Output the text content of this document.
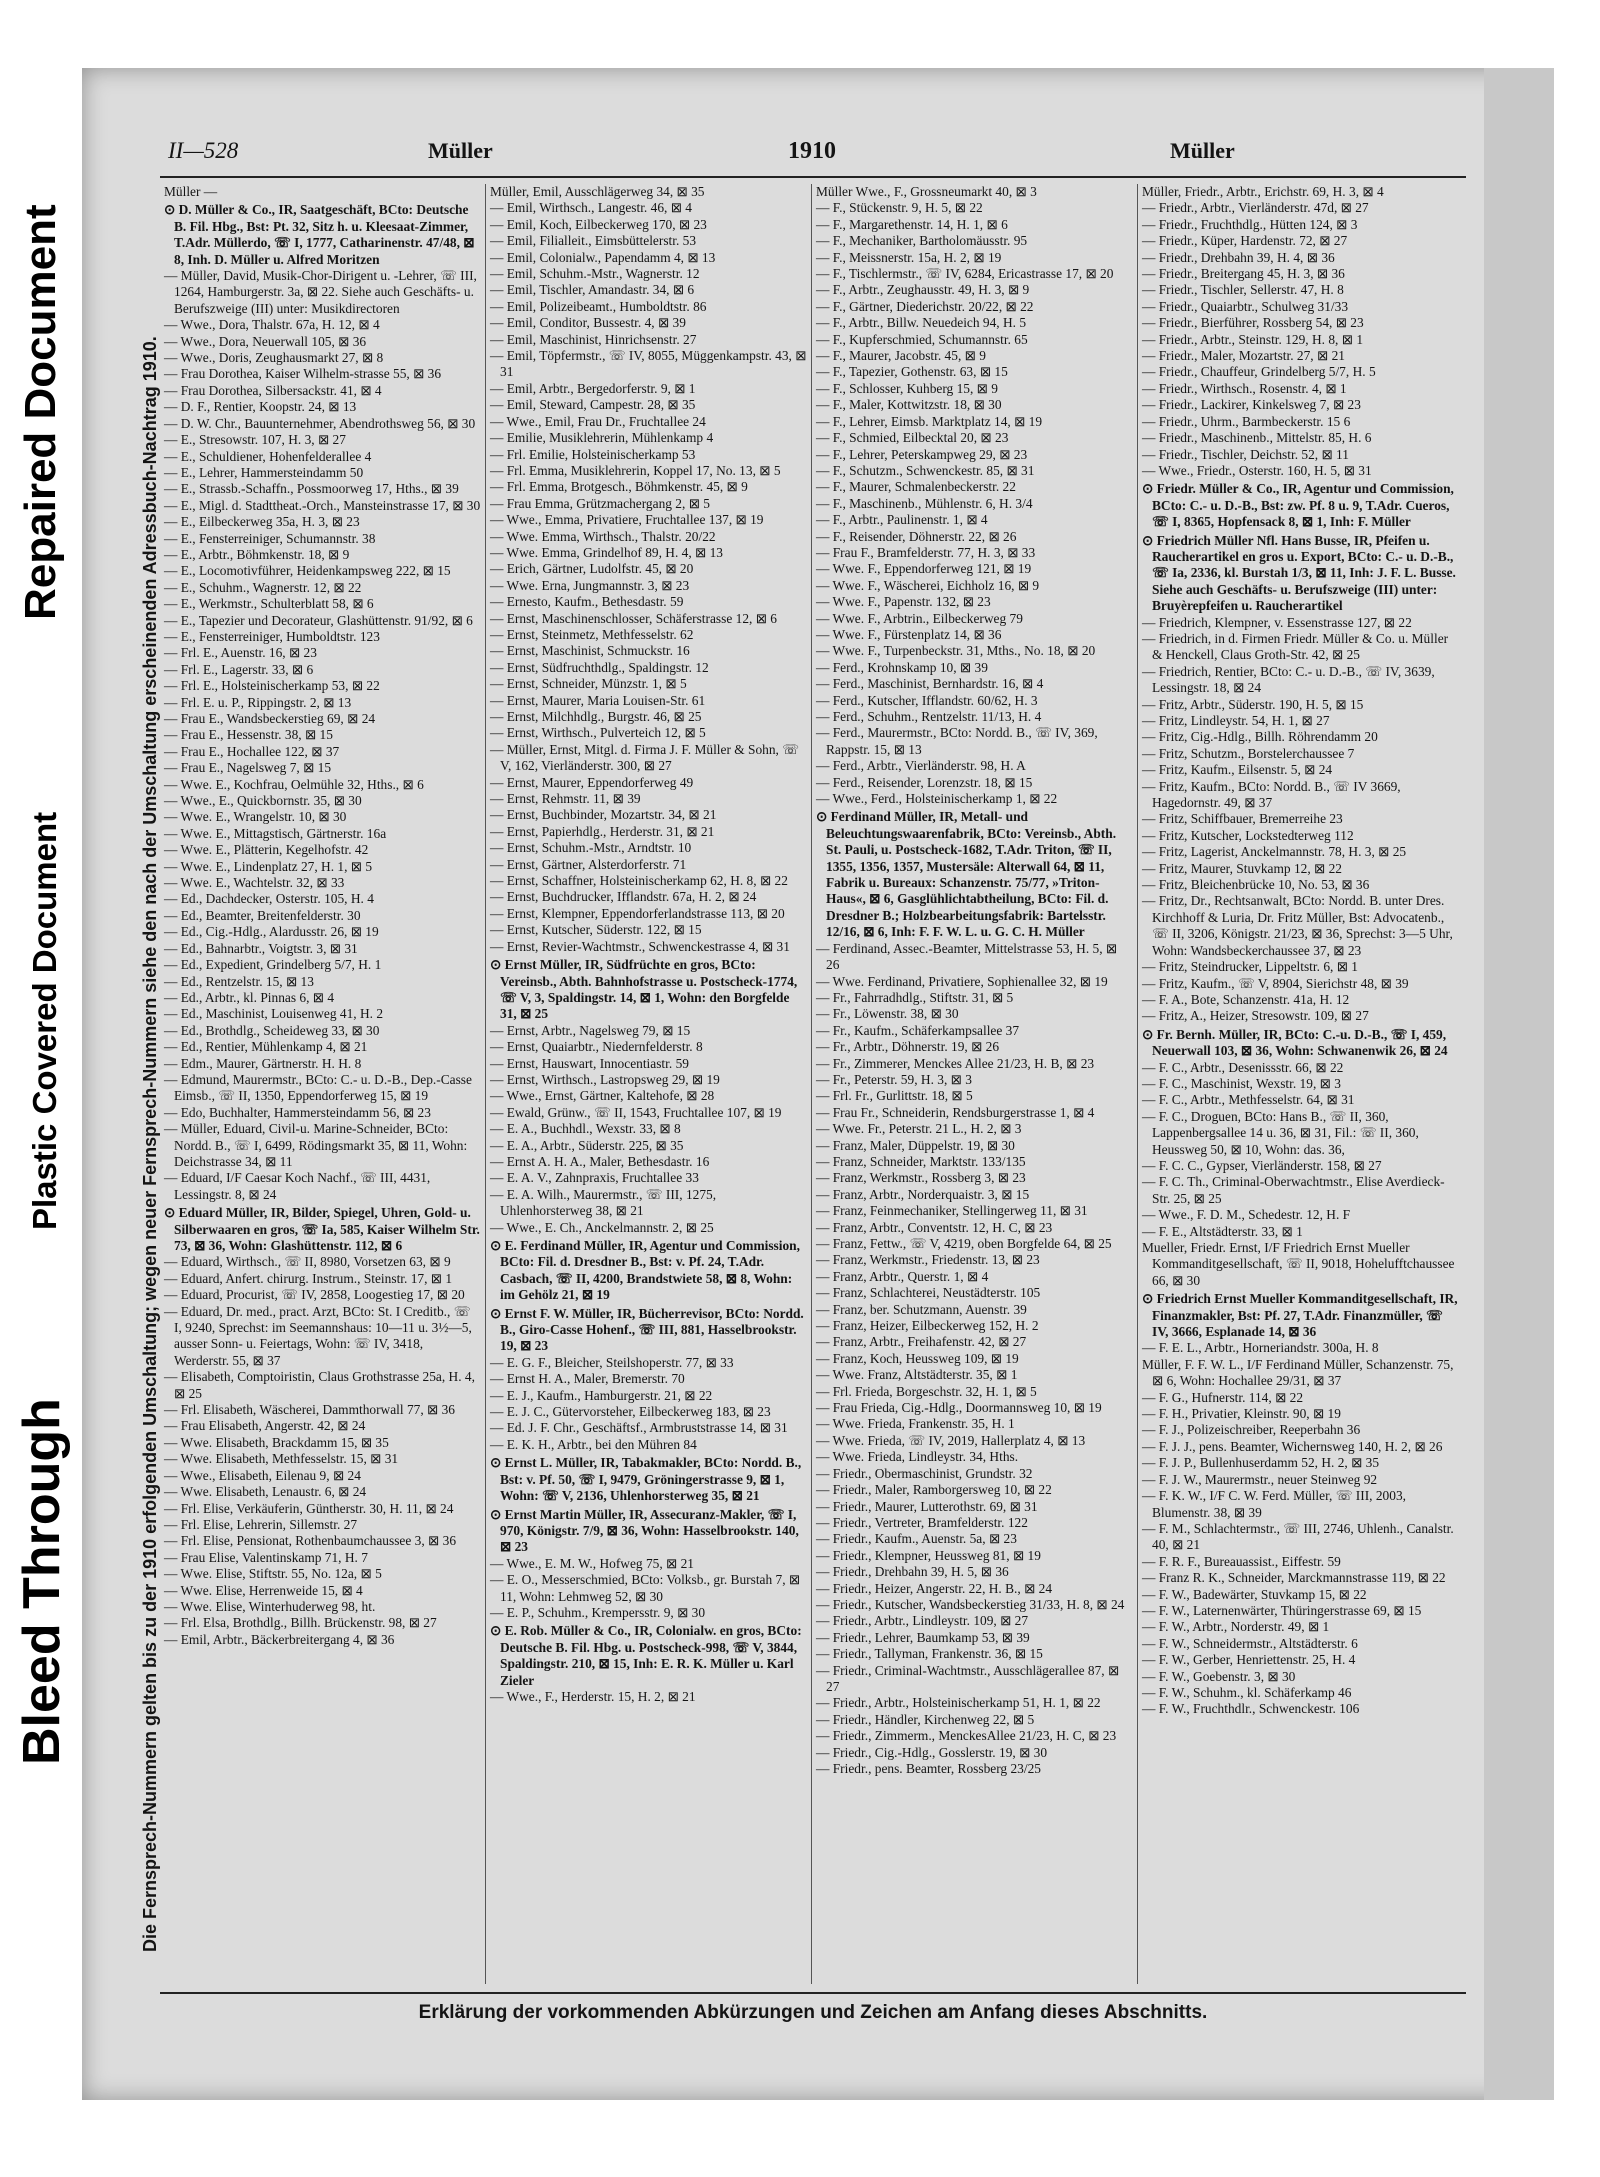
Bleed Through
Plastic Covered Document
Repaired Document	Die Fernsprech-Nummern gelten bis zu der 1910 erfolgenden Umschaltung; wegen neuer Fernsprech-Nummern siehe den nach der Umschaltung erscheinenden Adressbuch-Nachtrag 1910.
II—528	Müller	1910	Müller

Müller —

⊙ D. Müller & Co., IR, Saatgeschäft, BCto: Deutsche B. Fil. Hbg., Bst: Pt. 32, Sitz h. u. Kleesaat-Zimmer, T.Adr. Müllerdo, ☏ I, 1777, Catharinenstr. 47/48, ⊠ 8, Inh. D. Müller u. Alfred Moritzen

— Müller, David, Musik-Chor-Dirigent u. -Lehrer, ☏ III, 1264, Hamburgerstr. 3a, ⊠ 22. Siehe auch Geschäfts- u. Berufszweige (III) unter: Musikdirectoren

— Wwe., Dora, Thalstr. 67a, H. 12, ⊠ 4

— Wwe., Dora, Neuerwall 105, ⊠ 36

— Wwe., Doris, Zeughausmarkt 27, ⊠ 8

— Frau Dorothea, Kaiser Wilhelm-strasse 55, ⊠ 36

— Frau Dorothea, Silbersackstr. 41, ⊠ 4

— D. F., Rentier, Koopstr. 24, ⊠ 13

— D. W. Chr., Bauunternehmer, Abendrothsweg 56, ⊠ 30

— E., Stresowstr. 107, H. 3, ⊠ 27

— E., Schuldiener, Hohenfelderallee 4

— E., Lehrer, Hammersteindamm 50

— E., Strassb.-Schaffn., Possmoorweg 17, Hths., ⊠ 39

— E., Migl. d. Stadttheat.-Orch., Mansteinstrasse 17, ⊠ 30

— E., Eilbeckerweg 35a, H. 3, ⊠ 23

— E., Fensterreiniger, Schumannstr. 38

— E., Arbtr., Böhmkenstr. 18, ⊠ 9

— E., Locomotivführer, Heidenkampsweg 222, ⊠ 15

— E., Schuhm., Wagnerstr. 12, ⊠ 22

— E., Werkmstr., Schulterblatt 58, ⊠ 6

— E., Tapezier und Decorateur, Glashüttenstr. 91/92, ⊠ 6

— E., Fensterreiniger, Humboldtstr. 123

— Frl. E., Auenstr. 16, ⊠ 23

— Frl. E., Lagerstr. 33, ⊠ 6

— Frl. E., Holsteinischerkamp 53, ⊠ 22

— Frl. E. u. P., Rippingstr. 2, ⊠ 13

— Frau E., Wandsbeckerstieg 69, ⊠ 24

— Frau E., Hessenstr. 38, ⊠ 15

— Frau E., Hochallee 122, ⊠ 37

— Frau E., Nagelsweg 7, ⊠ 15

— Wwe. E., Kochfrau, Oelmühle 32, Hths., ⊠ 6

— Wwe., E., Quickbornstr. 35, ⊠ 30

— Wwe. E., Wrangelstr. 10, ⊠ 30

— Wwe. E., Mittagstisch, Gärtnerstr. 16a

— Wwe. E., Plätterin, Kegelhofstr. 42

— Wwe. E., Lindenplatz 27, H. 1, ⊠ 5

— Wwe. E., Wachtelstr. 32, ⊠ 33

— Ed., Dachdecker, Osterstr. 105, H. 4

— Ed., Beamter, Breitenfelderstr. 30

— Ed., Cig.-Hdlg., Alardusstr. 26, ⊠ 19

— Ed., Bahnarbtr., Voigtstr. 3, ⊠ 31

— Ed., Expedient, Grindelberg 5/7, H. 1

— Ed., Rentzelstr. 15, ⊠ 13

— Ed., Arbtr., kl. Pinnas 6, ⊠ 4

— Ed., Maschinist, Louisenweg 41, H. 2

— Ed., Brothdlg., Scheideweg 33, ⊠ 30

— Ed., Rentier, Mühlenkamp 4, ⊠ 21

— Edm., Maurer, Gärtnerstr. H. H. 8

— Edmund, Maurermstr., BCto: C.- u. D.-B., Dep.-Casse Eimsb., ☏ II, 1350, Eppendorferweg 15, ⊠ 19

— Edo, Buchhalter, Hammersteindamm 56, ⊠ 23

— Müller, Eduard, Civil-u. Marine-Schneider, BCto: Nordd. B., ☏ I, 6499, Rödingsmarkt 35, ⊠ 11, Wohn: Deichstrasse 34, ⊠ 11

— Eduard, I/F Caesar Koch Nachf., ☏ III, 4431, Lessingstr. 8, ⊠ 24

⊙ Eduard Müller, IR, Bilder, Spiegel, Uhren, Gold- u. Silberwaaren en gros, ☏ Ia, 585, Kaiser Wilhelm Str. 73, ⊠ 36, Wohn: Glashüttenstr. 112, ⊠ 6

— Eduard, Wirthsch., ☏ II, 8980, Vorsetzen 63, ⊠ 9

— Eduard, Anfert. chirurg. Instrum., Steinstr. 17, ⊠ 1

— Eduard, Procurist, ☏ IV, 2858, Loogestieg 17, ⊠ 20

— Eduard, Dr. med., pract. Arzt, BCto: St. I Creditb., ☏ I, 9240, Sprechst: im Seemannshaus: 10—11 u. 3½—5, ausser Sonn- u. Feiertags, Wohn: ☏ IV, 3418, Werderstr. 55, ⊠ 37

— Elisabeth, Comptoiristin, Claus Grothstrasse 25a, H. 4, ⊠ 25

— Frl. Elisabeth, Wäscherei, Dammthorwall 77, ⊠ 36

— Frau Elisabeth, Angerstr. 42, ⊠ 24

— Wwe. Elisabeth, Brackdamm 15, ⊠ 35

— Wwe. Elisabeth, Methfesselstr. 15, ⊠ 31

— Wwe., Elisabeth, Eilenau 9, ⊠ 24

— Wwe. Elisabeth, Lenaustr. 6, ⊠ 24

— Frl. Elise, Verkäuferin, Güntherstr. 30, H. 11, ⊠ 24

— Frl. Elise, Lehrerin, Sillemstr. 27

— Frl. Elise, Pensionat, Rothenbaumchaussee 3, ⊠ 36

— Frau Elise, Valentinskamp 71, H. 7

— Wwe. Elise, Stiftstr. 55, No. 12a, ⊠ 5

— Wwe. Elise, Herrenweide 15, ⊠ 4

— Wwe. Elise, Winterhuderweg 98, ht.

— Frl. Elsa, Brothdlg., Billh. Brückenstr. 98, ⊠ 27

— Emil, Arbtr., Bäckerbreitergang 4, ⊠ 36

Müller, Emil, Ausschlägerweg 34, ⊠ 35

— Emil, Wirthsch., Langestr. 46, ⊠ 4

— Emil, Koch, Eilbeckerweg 170, ⊠ 23

— Emil, Filialleit., Eimsbüttelerstr. 53

— Emil, Colonialw., Papendamm 4, ⊠ 13

— Emil, Schuhm.-Mstr., Wagnerstr. 12

— Emil, Tischler, Amandastr. 34, ⊠ 6

— Emil, Polizeibeamt., Humboldtstr. 86

— Emil, Conditor, Bussestr. 4, ⊠ 39

— Emil, Maschinist, Hinrichsenstr. 27

— Emil, Töpfermstr., ☏ IV, 8055, Müggenkampstr. 43, ⊠ 31

— Emil, Arbtr., Bergedorferstr. 9, ⊠ 1

— Emil, Steward, Campestr. 28, ⊠ 35

— Wwe., Emil, Frau Dr., Fruchtallee 24

— Emilie, Musiklehrerin, Mühlenkamp 4

— Frl. Emilie, Holsteinischerkamp 53

— Frl. Emma, Musiklehrerin, Koppel 17, No. 13, ⊠ 5

— Frl. Emma, Brotgesch., Böhmkenstr. 45, ⊠ 9

— Frau Emma, Grützmachergang 2, ⊠ 5

— Wwe., Emma, Privatiere, Fruchtallee 137, ⊠ 19

— Wwe. Emma, Wirthsch., Thalstr. 20/22

— Wwe. Emma, Grindelhof 89, H. 4, ⊠ 13

— Erich, Gärtner, Ludolfstr. 45, ⊠ 20

— Wwe. Erna, Jungmannstr. 3, ⊠ 23

— Ernesto, Kaufm., Bethesdastr. 59

— Ernst, Maschinenschlosser, Schäferstrasse 12, ⊠ 6

— Ernst, Steinmetz, Methfesselstr. 62

— Ernst, Maschinist, Schmuckstr. 16

— Ernst, Südfruchthdlg., Spaldingstr. 12

— Ernst, Schneider, Münzstr. 1, ⊠ 5

— Ernst, Maurer, Maria Louisen-Str. 61

— Ernst, Milchhdlg., Burgstr. 46, ⊠ 25

— Ernst, Wirthsch., Pulverteich 12, ⊠ 5

— Müller, Ernst, Mitgl. d. Firma J. F. Müller & Sohn, ☏ V, 162, Vierländerstr. 300, ⊠ 27

— Ernst, Maurer, Eppendorferweg 49

— Ernst, Rehmstr. 11, ⊠ 39

— Ernst, Buchbinder, Mozartstr. 34, ⊠ 21

— Ernst, Papierhdlg., Herderstr. 31, ⊠ 21

— Ernst, Schuhm.-Mstr., Arndtstr. 10

— Ernst, Gärtner, Alsterdorferstr. 71

— Ernst, Schaffner, Holsteinischerkamp 62, H. 8, ⊠ 22

— Ernst, Buchdrucker, Ifflandstr. 67a, H. 2, ⊠ 24

— Ernst, Klempner, Eppendorferlandstrasse 113, ⊠ 20

— Ernst, Kutscher, Süderstr. 122, ⊠ 15

— Ernst, Revier-Wachtmstr., Schwenckestrasse 4, ⊠ 31

⊙ Ernst Müller, IR, Südfrüchte en gros, BCto: Vereinsb., Abth. Bahnhofstrasse u. Postscheck-1774, ☏ V, 3, Spaldingstr. 14, ⊠ 1, Wohn: den Borgfelde 31, ⊠ 25

— Ernst, Arbtr., Nagelsweg 79, ⊠ 15

— Ernst, Quaiarbtr., Niedernfelderstr. 8

— Ernst, Hauswart, Innocentiastr. 59

— Ernst, Wirthsch., Lastropsweg 29, ⊠ 19

— Wwe., Ernst, Gärtner, Kaltehofe, ⊠ 28

— Ewald, Grünw., ☏ II, 1543, Fruchtallee 107, ⊠ 19

— E. A., Buchhdl., Wexstr. 33, ⊠ 8

— E. A., Arbtr., Süderstr. 225, ⊠ 35

— Ernst A. H. A., Maler, Bethesdastr. 16

— E. A. V., Zahnpraxis, Fruchtallee 33

— E. A. Wilh., Maurermstr., ☏ III, 1275, Uhlenhorsterweg 38, ⊠ 21

— Wwe., E. Ch., Anckelmannstr. 2, ⊠ 25

⊙ E. Ferdinand Müller, IR, Agentur und Commission, BCto: Fil. d. Dresdner B., Bst: v. Pf. 24, T.Adr. Casbach, ☏ II, 4200, Brandstwiete 58, ⊠ 8, Wohn: im Gehölz 21, ⊠ 19

⊙ Ernst F. W. Müller, IR, Bücherrevisor, BCto: Nordd. B., Giro-Casse Hohenf., ☏ III, 881, Hasselbrookstr. 19, ⊠ 23

— E. G. F., Bleicher, Steilshoperstr. 77, ⊠ 33

— Ernst H. A., Maler, Bremerstr. 70

— E. J., Kaufm., Hamburgerstr. 21, ⊠ 22

— E. J. C., Gütervorsteher, Eilbeckerweg 183, ⊠ 23

— Ed. J. F. Chr., Geschäftsf., Armbruststrasse 14, ⊠ 31

— E. K. H., Arbtr., bei den Mühren 84

⊙ Ernst L. Müller, IR, Tabakmakler, BCto: Nordd. B., Bst: v. Pf. 50, ☏ I, 9479, Gröningerstrasse 9, ⊠ 1, Wohn: ☏ V, 2136, Uhlenhorsterweg 35, ⊠ 21

⊙ Ernst Martin Müller, IR, Assecuranz-Makler, ☏ I, 970, Königstr. 7/9, ⊠ 36, Wohn: Hasselbrookstr. 140, ⊠ 23

— Wwe., E. M. W., Hofweg 75, ⊠ 21

— E. O., Messerschmied, BCto: Volksb., gr. Burstah 7, ⊠ 11, Wohn: Lehmweg 52, ⊠ 30

— E. P., Schuhm., Krempersstr. 9, ⊠ 30

⊙ E. Rob. Müller & Co., IR, Colonialw. en gros, BCto: Deutsche B. Fil. Hbg. u. Postscheck-998, ☏ V, 3844, Spaldingstr. 210, ⊠ 15, Inh: E. R. K. Müller u. Karl Zieler

— Wwe., F., Herderstr. 15, H. 2, ⊠ 21

Müller Wwe., F., Grossneumarkt 40, ⊠ 3

— F., Stückenstr. 9, H. 5, ⊠ 22

— F., Margarethenstr. 14, H. 1, ⊠ 6

— F., Mechaniker, Bartholomäusstr. 95

— F., Meissnerstr. 15a, H. 2, ⊠ 19

— F., Tischlermstr., ☏ IV, 6284, Ericastrasse 17, ⊠ 20

— F., Arbtr., Zeughausstr. 49, H. 3, ⊠ 9

— F., Gärtner, Diederichstr. 20/22, ⊠ 22

— F., Arbtr., Billw. Neuedeich 94, H. 5

— F., Kupferschmied, Schumannstr. 65

— F., Maurer, Jacobstr. 45, ⊠ 9

— F., Tapezier, Gothenstr. 63, ⊠ 15

— F., Schlosser, Kuhberg 15, ⊠ 9

— F., Maler, Kottwitzstr. 18, ⊠ 30

— F., Lehrer, Eimsb. Marktplatz 14, ⊠ 19

— F., Schmied, Eilbecktal 20, ⊠ 23

— F., Lehrer, Peterskampweg 29, ⊠ 23

— F., Schutzm., Schwenckestr. 85, ⊠ 31

— F., Maurer, Schmalenbeckerstr. 22

— F., Maschinenb., Mühlenstr. 6, H. 3/4

— F., Arbtr., Paulinenstr. 1, ⊠ 4

— F., Reisender, Döhnerstr. 22, ⊠ 26

— Frau F., Bramfelderstr. 77, H. 3, ⊠ 33

— Wwe. F., Eppendorferweg 121, ⊠ 19

— Wwe. F., Wäscherei, Eichholz 16, ⊠ 9

— Wwe. F., Papenstr. 132, ⊠ 23

— Wwe. F., Arbtrin., Eilbeckerweg 79

— Wwe. F., Fürstenplatz 14, ⊠ 36

— Wwe. F., Turpenbeckstr. 31, Mths., No. 18, ⊠ 20

— Ferd., Krohnskamp 10, ⊠ 39

— Ferd., Maschinist, Bernhardstr. 16, ⊠ 4

— Ferd., Kutscher, Ifflandstr. 60/62, H. 3

— Ferd., Schuhm., Rentzelstr. 11/13, H. 4

— Ferd., Maurermstr., BCto: Nordd. B., ☏ IV, 369, Rappstr. 15, ⊠ 13

— Ferd., Arbtr., Vierländerstr. 98, H. A

— Ferd., Reisender, Lorenzstr. 18, ⊠ 15

— Wwe., Ferd., Holsteinischerkamp 1, ⊠ 22

⊙ Ferdinand Müller, IR, Metall- und Beleuchtungswaarenfabrik, BCto: Vereinsb., Abth. St. Pauli, u. Postscheck-1682, T.Adr. Triton, ☏ II, 1355, 1356, 1357, Mustersäle: Alterwall 64, ⊠ 11, Fabrik u. Bureaux: Schanzenstr. 75/77, »Triton-Haus«, ⊠ 6, Gasglühlichtabtheilung, BCto: Fil. d. Dresdner B.; Holzbearbeitungsfabrik: Bartelsstr. 12/16, ⊠ 6, Inh: F. F. W. L. u. G. C. H. Müller

— Ferdinand, Assec.-Beamter, Mittelstrasse 53, H. 5, ⊠ 26

— Wwe. Ferdinand, Privatiere, Sophienallee 32, ⊠ 19

— Fr., Fahrradhdlg., Stiftstr. 31, ⊠ 5

— Fr., Löwenstr. 38, ⊠ 30

— Fr., Kaufm., Schäferkampsallee 37

— Fr., Arbtr., Döhnerstr. 19, ⊠ 26

— Fr., Zimmerer, Menckes Allee 21/23, H. B, ⊠ 23

— Fr., Peterstr. 59, H. 3, ⊠ 3

— Frl. Fr., Gurlittstr. 18, ⊠ 5

— Frau Fr., Schneiderin, Rendsburgerstrasse 1, ⊠ 4

— Wwe. Fr., Peterstr. 21 L., H. 2, ⊠ 3

— Franz, Maler, Düppelstr. 19, ⊠ 30

— Franz, Schneider, Marktstr. 133/135

— Franz, Werkmstr., Rossberg 3, ⊠ 23

— Franz, Arbtr., Norderquaistr. 3, ⊠ 15

— Franz, Feinmechaniker, Stellingerweg 11, ⊠ 31

— Franz, Arbtr., Conventstr. 12, H. C, ⊠ 23

— Franz, Fettw., ☏ V, 4219, oben Borgfelde 64, ⊠ 25

— Franz, Werkmstr., Friedenstr. 13, ⊠ 23

— Franz, Arbtr., Querstr. 1, ⊠ 4

— Franz, Schlachterei, Neustädterstr. 105

— Franz, ber. Schutzmann, Auenstr. 39

— Franz, Heizer, Eilbeckerweg 152, H. 2

— Franz, Arbtr., Freihafenstr. 42, ⊠ 27

— Franz, Koch, Heussweg 109, ⊠ 19

— Wwe. Franz, Altstädterstr. 35, ⊠ 1

— Frl. Frieda, Borgeschstr. 32, H. 1, ⊠ 5

— Frau Frieda, Cig.-Hdlg., Doormannsweg 10, ⊠ 19

— Wwe. Frieda, Frankenstr. 35, H. 1

— Wwe. Frieda, ☏ IV, 2019, Hallerplatz 4, ⊠ 13

— Wwe. Frieda, Lindleystr. 34, Hths.

— Friedr., Obermaschinist, Grundstr. 32

— Friedr., Maler, Ramborgersweg 10, ⊠ 22

— Friedr., Maurer, Lutterothstr. 69, ⊠ 31

— Friedr., Vertreter, Bramfelderstr. 122

— Friedr., Kaufm., Auenstr. 5a, ⊠ 23

— Friedr., Klempner, Heussweg 81, ⊠ 19

— Friedr., Drehbahn 39, H. 5, ⊠ 36

— Friedr., Heizer, Angerstr. 22, H. B., ⊠ 24

— Friedr., Kutscher, Wandsbeckerstieg 31/33, H. 8, ⊠ 24

— Friedr., Arbtr., Lindleystr. 109, ⊠ 27

— Friedr., Lehrer, Baumkamp 53, ⊠ 39

— Friedr., Tallyman, Frankenstr. 36, ⊠ 15

— Friedr., Criminal-Wachtmstr., Ausschlägerallee 87, ⊠ 27

— Friedr., Arbtr., Holsteinischerkamp 51, H. 1, ⊠ 22

— Friedr., Händler, Kirchenweg 22, ⊠ 5

— Friedr., Zimmerm., MenckesAllee 21/23, H. C, ⊠ 23

— Friedr., Cig.-Hdlg., Gosslerstr. 19, ⊠ 30

— Friedr., pens. Beamter, Rossberg 23/25

Müller, Friedr., Arbtr., Erichstr. 69, H. 3, ⊠ 4

— Friedr., Arbtr., Vierländerstr. 47d, ⊠ 27

— Friedr., Fruchthdlg., Hütten 124, ⊠ 3

— Friedr., Küper, Hardenstr. 72, ⊠ 27

— Friedr., Drehbahn 39, H. 4, ⊠ 36

— Friedr., Breitergang 45, H. 3, ⊠ 36

— Friedr., Tischler, Sellerstr. 47, H. 8

— Friedr., Quaiarbtr., Schulweg 31/33

— Friedr., Bierführer, Rossberg 54, ⊠ 23

— Friedr., Arbtr., Steinstr. 129, H. 8, ⊠ 1

— Friedr., Maler, Mozartstr. 27, ⊠ 21

— Friedr., Chauffeur, Grindelberg 5/7, H. 5

— Friedr., Wirthsch., Rosenstr. 4, ⊠ 1

— Friedr., Lackirer, Kinkelsweg 7, ⊠ 23

— Friedr., Uhrm., Barmbeckerstr. 15 6

— Friedr., Maschinenb., Mittelstr. 85, H. 6

— Friedr., Tischler, Deichstr. 52, ⊠ 11

— Wwe., Friedr., Osterstr. 160, H. 5, ⊠ 31

⊙ Friedr. Müller & Co., IR, Agentur und Commission, BCto: C.- u. D.-B., Bst: zw. Pf. 8 u. 9, T.Adr. Cueros, ☏ I, 8365, Hopfensack 8, ⊠ 1, Inh: F. Müller

⊙ Friedrich Müller Nfl. Hans Busse, IR, Pfeifen u. Raucherartikel en gros u. Export, BCto: C.- u. D.-B., ☏ Ia, 2336, kl. Burstah 1/3, ⊠ 11, Inh: J. F. L. Busse. Siehe auch Geschäfts- u. Berufszweige (III) unter: Bruyèrepfeifen u. Raucherartikel

— Friedrich, Klempner, v. Essenstrasse 127, ⊠ 22

— Friedrich, in d. Firmen Friedr. Müller & Co. u. Müller & Henckell, Claus Groth-Str. 42, ⊠ 25

— Friedrich, Rentier, BCto: C.- u. D.-B., ☏ IV, 3639, Lessingstr. 18, ⊠ 24

— Fritz, Arbtr., Süderstr. 190, H. 5, ⊠ 15

— Fritz, Lindleystr. 54, H. 1, ⊠ 27

— Fritz, Cig.-Hdlg., Billh. Röhrendamm 20

— Fritz, Schutzm., Borstelerchaussee 7

— Fritz, Kaufm., Eilsenstr. 5, ⊠ 24

— Fritz, Kaufm., BCto: Nordd. B., ☏ IV 3669, Hagedornstr. 49, ⊠ 37

— Fritz, Schiffbauer, Bremerreihe 23

— Fritz, Kutscher, Lockstedterweg 112

— Fritz, Lagerist, Anckelmannstr. 78, H. 3, ⊠ 25

— Fritz, Maurer, Stuvkamp 12, ⊠ 22

— Fritz, Bleichenbrücke 10, No. 53, ⊠ 36

— Fritz, Dr., Rechtsanwalt, BCto: Nordd. B. unter Dres. Kirchhoff & Luria, Dr. Fritz Müller, Bst: Advocatenb., ☏ II, 3206, Königstr. 21/23, ⊠ 36, Sprechst: 3—5 Uhr, Wohn: Wandsbeckerchaussee 37, ⊠ 23

— Fritz, Steindrucker, Lippeltstr. 6, ⊠ 1

— Fritz, Kaufm., ☏ V, 8904, Sierichstr 48, ⊠ 39

— F. A., Bote, Schanzenstr. 41a, H. 12

— Fritz, A., Heizer, Stresowstr. 109, ⊠ 27

⊙ Fr. Bernh. Müller, IR, BCto: C.-u. D.-B., ☏ I, 459, Neuerwall 103, ⊠ 36, Wohn: Schwanenwik 26, ⊠ 24

— F. C., Arbtr., Desenissstr. 66, ⊠ 22

— F. C., Maschinist, Wexstr. 19, ⊠ 3

— F. C., Arbtr., Methfesselstr. 64, ⊠ 31

— F. C., Droguen, BCto: Hans B., ☏ II, 360, Lappenbergsallee 14 u. 36, ⊠ 31, Fil.: ☏ II, 360, Heussweg 50, ⊠ 10, Wohn: das. 36,

— F. C. C., Gypser, Vierländerstr. 158, ⊠ 27

— F. C. Th., Criminal-Oberwachtmstr., Elise Averdieck-Str. 25, ⊠ 25

— Wwe., F. D. M., Schedestr. 12, H. F

— F. E., Altstädterstr. 33, ⊠ 1

Mueller, Friedr. Ernst, I/F Friedrich Ernst Mueller Kommanditgesellschaft, ☏ II, 9018, Hohelufftchaussee 66, ⊠ 30

⊙ Friedrich Ernst Mueller Kommanditgesellschaft, IR, Finanzmakler, Bst: Pf. 27, T.Adr. Finanzmüller, ☏ IV, 3666, Esplanade 14, ⊠ 36

— F. E. L., Arbtr., Horneriandstr. 300a, H. 8

Müller, F. F. W. L., I/F Ferdinand Müller, Schanzenstr. 75, ⊠ 6, Wohn: Hochallee 29/31, ⊠ 37

— F. G., Hufnerstr. 114, ⊠ 22

— F. H., Privatier, Kleinstr. 90, ⊠ 19

— F. J., Polizeischreiber, Reeperbahn 36

— F. J. J., pens. Beamter, Wichernsweg 140, H. 2, ⊠ 26

— F. J. P., Bullenhuserdamm 52, H. 2, ⊠ 35

— F. J. W., Maurermstr., neuer Steinweg 92

— F. K. W., I/F C. W. Ferd. Müller, ☏ III, 2003, Blumenstr. 38, ⊠ 39

— F. M., Schlachtermstr., ☏ III, 2746, Uhlenh., Canalstr. 40, ⊠ 21

— F. R. F., Bureauassist., Eiffestr. 59

— Franz R. K., Schneider, Marckmannstrasse 119, ⊠ 22

— F. W., Badewärter, Stuvkamp 15, ⊠ 22

— F. W., Laternenwärter, Thüringerstrasse 69, ⊠ 15

— F. W., Arbtr., Norderstr. 49, ⊠ 1

— F. W., Schneidermstr., Altstädterstr. 6

— F. W., Gerber, Henriettenstr. 25, H. 4

— F. W., Goebenstr. 3, ⊠ 30

— F. W., Schuhm., kl. Schäferkamp 46

— F. W., Fruchthdlr., Schwenckestr. 106

Erklärung der vorkommenden Abkürzungen und Zeichen am Anfang dieses Abschnitts.
